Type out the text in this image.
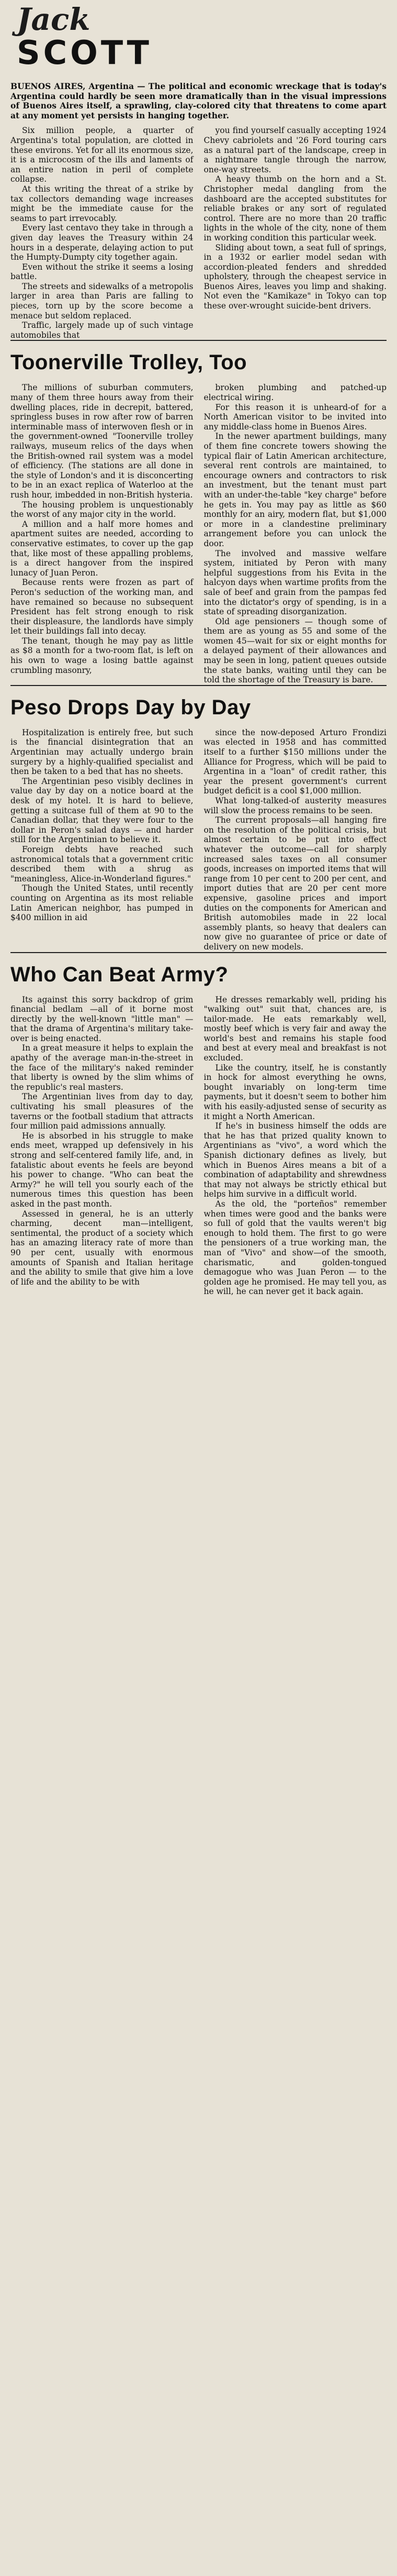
Jack
SCOTT
BUENOS AIRES, Argentina — The political and economic wreckage that is today's Argentina could hardly be seen more dramatically than in the visual impressions of Buenos Aires itself, a sprawling, clay-colored city that threatens to come apart at any moment yet persists in hanging together.

Six million people, a quarter of Argentina's total population, are clotted in these environs. Yet for all its enormous size, it is a microcosm of the ills and laments of an entire nation in peril of complete collapse.

At this writing the threat of a strike by tax collectors demanding wage increases might be the immediate cause for the seams to part irrevocably.

Every last centavo they take in through a given day leaves the Treasury within 24 hours in a desperate, delaying action to put the Humpty-Dumpty city together again.

Even without the strike it seems a losing battle.

The streets and sidewalks of a metropolis larger in area than Paris are falling to pieces, torn up by the score become a menace but seldom replaced.

Traffic, largely made up of such vintage automobiles that

you find yourself casually accepting 1924 Chevy cabriolets and '26 Ford touring cars as a natural part of the landscape, creep in a nightmare tangle through the narrow, one-way streets.

A heavy thumb on the horn and a St. Christopher medal dangling from the dashboard are the accepted substitutes for reliable brakes or any sort of regulated control. There are no more than 20 traffic lights in the whole of the city, none of them in working condition this particular week.

Sliding about town, a seat full of springs, in a 1932 or earlier model sedan with accordion-pleated fenders and shredded upholstery, through the cheapest service in Buenos Aires, leaves you limp and shaking. Not even the "Kamikaze" in Tokyo can top these over-wrought suicide-bent drivers.

Toonerville Trolley, Too

The millions of suburban commuters, many of them three hours away from their dwelling places, ride in decrepit, battered, springless buses in row after row of barren interminable mass of interwoven flesh or in the government-owned "Toonerville trolley railways, museum relics of the days when the British-owned rail system was a model of efficiency. (The stations are all done in the style of London's and it is disconcerting to be in an exact replica of Waterloo at the rush hour, imbedded in non-British hysteria.

The housing problem is unquestionably the worst of any major city in the world.

A million and a half more homes and apartment suites are needed, according to conservative estimates, to cover up the gap that, like most of these appalling problems, is a direct hangover from the inspired lunacy of Juan Peron.

Because rents were frozen as part of Peron's seduction of the working man, and have remained so because no subsequent President has felt strong enough to risk their displeasure, the landlords have simply let their buildings fall into decay.

The tenant, though he may pay as little as $8 a month for a two-room flat, is left on his own to wage a losing battle against crumbling masonry,

broken plumbing and patched-up electrical wiring.

For this reason it is unheard-of for a North American visitor to be invited into any middle-class home in Buenos Aires.

In the newer apartment buildings, many of them fine concrete towers showing the typical flair of Latin American architecture, several rent controls are maintained, to encourage owners and contractors to risk an investment, but the tenant must part with an under-the-table "key charge" before he gets in. You may pay as little as $60 monthly for an airy, modern flat, but $1,000 or more in a clandestine preliminary arrangement before you can unlock the door.

The involved and massive welfare system, initiated by Peron with many helpful suggestions from his Evita in the halcyon days when wartime profits from the sale of beef and grain from the pampas fed into the dictator's orgy of spending, is in a state of spreading disorganization.

Old age pensioners — though some of them are as young as 55 and some of the women 45—wait for six or eight months for a delayed payment of their allowances and may be seen in long, patient queues outside the state banks, waiting until they can be told the shortage of the Treasury is bare.

Peso Drops Day by Day

Hospitalization is entirely free, but such is the financial disintegration that an Argentinian may actually undergo brain surgery by a highly-qualified specialist and then be taken to a bed that has no sheets.

The Argentinian peso visibly declines in value day by day on a notice board at the desk of my hotel. It is hard to believe, getting a suitcase full of them at 90 to the Canadian dollar, that they were four to the dollar in Peron's salad days — and harder still for the Argentinian to believe it.

Foreign debts have reached such astronomical totals that a government critic described them with a shrug as "meaningless, Alice-in-Wonderland figures."

Though the United States, until recently counting on Argentina as its most reliable Latin American neighbor, has pumped in $400 million in aid

since the now-deposed Arturo Frondizi was elected in 1958 and has committed itself to a further $150 millions under the Alliance for Progress, which will be paid to Argentina in a "loan" of credit rather, this year the present government's current budget deficit is a cool $1,000 million.

What long-talked-of austerity measures will slow the process remains to be seen.

The current proposals—all hanging fire on the resolution of the political crisis, but almost certain to be put into effect whatever the outcome—call for sharply increased sales taxes on all consumer goods, increases on imported items that will range from 10 per cent to 200 per cent, and import duties that are 20 per cent more expensive, gasoline prices and import duties on the components for American and British automobiles made in 22 local assembly plants, so heavy that dealers can now give no guarantee of price or date of delivery on new models.

Who Can Beat Army?

Its against this sorry backdrop of grim financial bedlam —all of it borne most directly by the well-known "little man" — that the drama of Argentina's military take-over is being enacted.

In a great measure it helps to explain the apathy of the average man-in-the-street in the face of the military's naked reminder that liberty is owned by the slim whims of the republic's real masters.

The Argentinian lives from day to day, cultivating his small pleasures of the taverns or the football stadium that attracts four million paid admissions annually.

He is absorbed in his struggle to make ends meet, wrapped up defensively in his strong and self-centered family life, and, in fatalistic about events he feels are beyond his power to change. "Who can beat the Army?" he will tell you sourly each of the numerous times this question has been asked in the past month.

Assessed in general, he is an utterly charming, decent man—intelligent, sentimental, the product of a society which has an amazing literacy rate of more than 90 per cent, usually with enormous amounts of Spanish and Italian heritage and the ability to smile that give him a love of life and the ability to be with

He dresses remarkably well, priding his "walking out" suit that, chances are, is tailor-made. He eats remarkably well, mostly beef which is very fair and away the world's best and remains his staple food and best at every meal and breakfast is not excluded.

Like the country, itself, he is constantly in hock for almost everything he owns, bought invariably on long-term time payments, but it doesn't seem to bother him with his easily-adjusted sense of security as it might a North American.

If he's in business himself the odds are that he has that prized quality known to Argentinians as "vivo", a word which the Spanish dictionary defines as lively, but which in Buenos Aires means a bit of a combination of adaptability and shrewdness that may not always be strictly ethical but helps him survive in a difficult world.

As the old, the "porteños" remember when times were good and the banks were so full of gold that the vaults weren't big enough to hold them. The first to go were the pensioners of a true working man, the man of "Vivo" and show—of the smooth, charismatic, and golden-tongued demagogue who was Juan Peron — to the golden age he promised. He may tell you, as he will, he can never get it back again.
